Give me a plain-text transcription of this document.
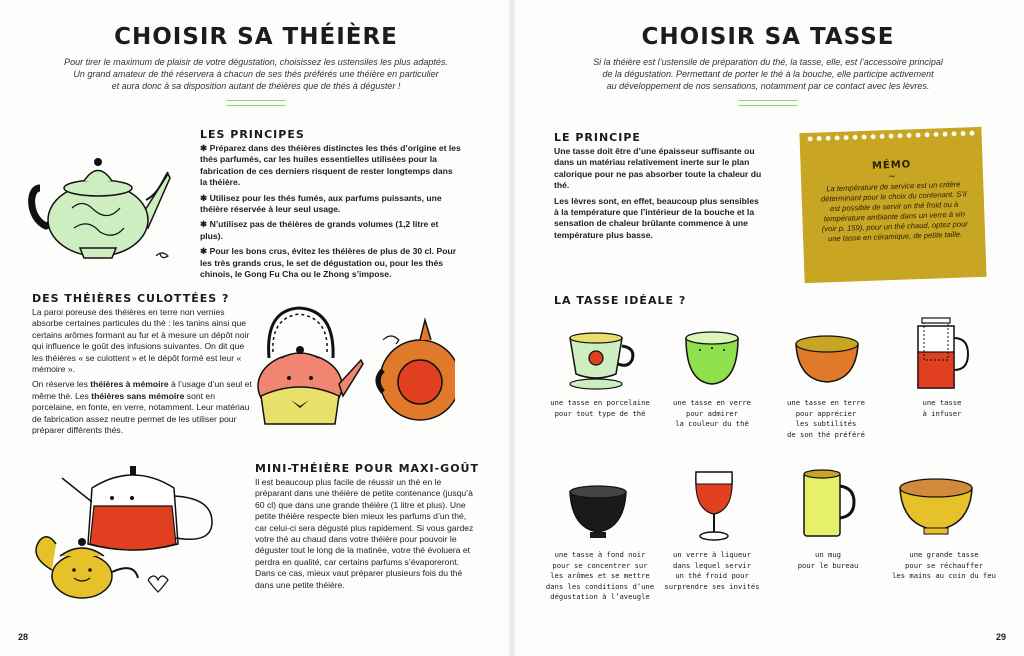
CHOISIR SA THÉIÈRE
Pour tirer le maximum de plaisir de votre dégustation, choisissez les ustensiles les plus adaptés.
Un grand amateur de thé réservera à chacun de ses thés préférés une théière en particulier
et aura donc à sa disposition autant de théières que de thés à déguster !
LES PRINCIPES

✱ Préparez dans des théières distinctes les thés d’origine et les thés parfumés, car les huiles essentielles utilisées pour la fabrication de ces derniers risquent de rester longtemps dans la théière.

✱ Utilisez pour les thés fumés, aux parfums puissants, une théière réservée à leur seul usage.

✱ N’utilisez pas de théières de grands volumes (1,2 litre et plus).

✱ Pour les bons crus, évitez les théières de plus de 30 cl. Pour les très grands crus, le set de dégustation ou, pour les thés chinois, le Gong Fu Cha ou le Zhong s’impose.

DES THÉIÈRES CULOTTÉES ?

La paroi poreuse des théières en terre non vernies absorbe certaines particules du thé : les tanins ainsi que certains arômes formant au fur et à mesure un dépôt noir qui influence le goût des infusions suivantes. On dit que les théières « se culottent » et le dépôt formé est leur « mémoire ».

On réserve les théières à mémoire à l’usage d’un seul et même thé. Les théières sans mémoire sont en porcelaine, en fonte, en verre, notamment. Leur matériau de fabrication assez neutre permet de les utiliser pour préparer différents thés.

MINI-THÉIÈRE POUR MAXI-GOÛT
Il est beaucoup plus facile de réussir un thé en le préparant dans une théière de petite contenance (jusqu’à 60 cl) que dans une grande théière (1 litre et plus). Une petite théière respecte bien mieux les parfums d’un thé, car celui-ci sera dégusté plus rapidement. Si vous gardez votre thé au chaud dans votre théière pour pouvoir le déguster tout le long de la matinée, votre thé évoluera et perdra en qualité, car certains parfums s’évaporeront. Dans ce cas, mieux vaut préparer plusieurs fois du thé dans une petite théière.
28
CHOISIR SA TASSE
Si la théière est l’ustensile de préparation du thé, la tasse, elle, est l’accessoire principal
de la dégustation. Permettant de porter le thé à la bouche, elle participe activement
au développement de nos sensations, notamment par ce contact avec les lèvres.
LE PRINCIPE

Une tasse doit être d’une épaisseur suffisante ou dans un matériau relativement inerte sur le plan calorique pour ne pas absorber toute la chaleur du thé.

Les lèvres sont, en effet, beaucoup plus sensibles à la température que l’intérieur de la bouche et la sensation de chaleur brûlante commence à une température plus basse.

MÉMO
~
La température de service est un critère déterminant pour le choix du contenant. S’il est possible de servir un thé froid ou à température ambiante dans un verre à vin (voir p. 159), pour un thé chaud, optez pour une tasse en céramique, de petite taille.
LA TASSE IDÉALE ?
une tasse en porcelaine
pour tout type de thé
une tasse en verre
pour admirer
la couleur du thé
une tasse en terre
pour apprécier
les subtilités
de son thé préféré
une tasse
à infuser
une tasse à fond noir
pour se concentrer sur
les arômes et se mettre
dans les conditions d’une
dégustation à l’aveugle
un verre à liqueur
dans lequel servir
un thé froid pour
surprendre ses invités
un mug
pour le bureau
une grande tasse
pour se réchauffer
les mains au coin du feu
29
